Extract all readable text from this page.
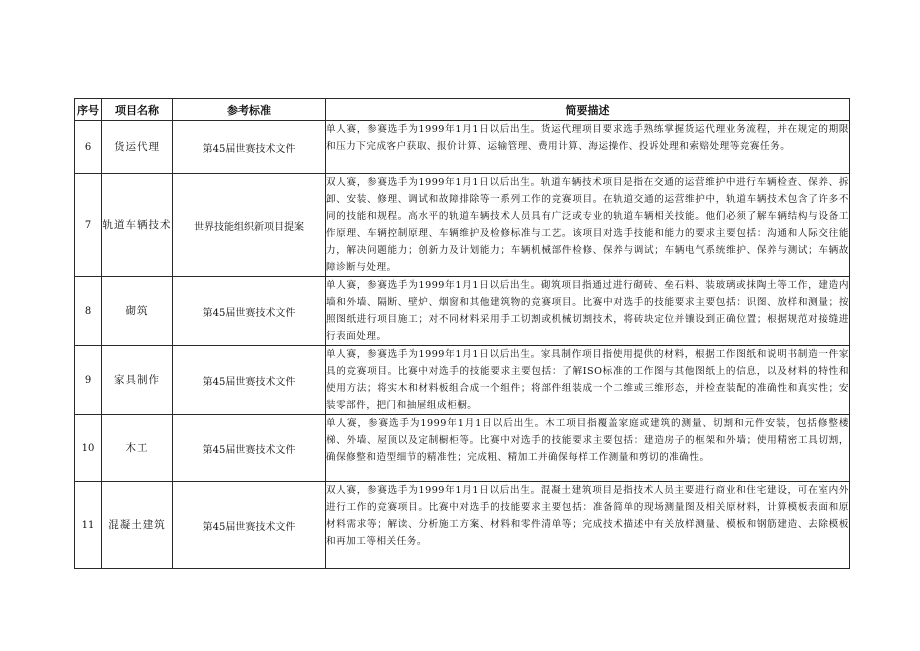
序号	项目名称	参考标准	简要描述
6	货运代理	第45届世赛技术文件	单人赛，参赛选手为1999年1月1日以后出生。货运代理项目要求选手熟练掌握货运代理业务流程，并在规定的期限和压力下完成客户获取、报价计算、运输管理、费用计算、海运操作、投诉处理和索赔处理等竞赛任务。
7	轨道车辆技术	世界技能组织新项目提案	双人赛，参赛选手为1999年1月1日以后出生。轨道车辆技术项目是指在交通的运营维护中进行车辆检查、保养、拆卸、安装、修理、调试和故障排除等一系列工作的竞赛项目。在轨道交通的运营维护中，轨道车辆技术包含了许多不同的技能和规程。高水平的轨道车辆技术人员具有广泛或专业的轨道车辆相关技能。他们必须了解车辆结构与设备工作原理、车辆控制原理、车辆维护及检修标准与工艺。该项目对选手技能和能力的要求主要包括：沟通和人际交往能力，解决问题能力；创新力及计划能力；车辆机械部件检修、保养与调试；车辆电气系统维护、保养与测试；车辆故障诊断与处理。
8	砌筑	第45届世赛技术文件	单人赛，参赛选手为1999年1月1日以后出生。砌筑项目指通过进行砌砖、垒石料、装玻璃或抹陶土等工作，建造内墙和外墙、隔断、壁炉、烟窗和其他建筑物的竞赛项目。比赛中对选手的技能要求主要包括：识图、放样和测量；按照图纸进行项目施工；对不同材料采用手工切割或机械切割技术，将砖块定位并镶设到正确位置；根据规范对接缝进行表面处理。
9	家具制作	第45届世赛技术文件	单人赛，参赛选手为1999年1月1日以后出生。家具制作项目指使用提供的材料，根据工作图纸和说明书制造一件家具的竞赛项目。比赛中对选手的技能要求主要包括：了解ISO标准的工作图与其他图纸上的信息，以及材料的特性和使用方法；将实木和材料板组合成一个组件；将部件组装成一个二维或三维形态，并检查装配的准确性和真实性；安装零部件，把门和抽屉组成柜橱。
10	木工	第45届世赛技术文件	单人赛，参赛选手为1999年1月1日以后出生。木工项目指覆盖家庭或建筑的测量、切割和元件安装，包括修整楼梯、外墙、屋顶以及定制橱柜等。比赛中对选手的技能要求主要包括：建造房子的框架和外墙；使用精密工具切割，确保修整和造型细节的精准性；完成粗、精加工并确保每样工作测量和剪切的准确性。
11	混凝土建筑	第45届世赛技术文件	双人赛，参赛选手为1999年1月1日以后出生。混凝土建筑项目是指技术人员主要进行商业和住宅建设，可在室内外进行工作的竞赛项目。比赛中对选手的技能要求主要包括：准备简单的现场测量图及相关原材料，计算模板表面和原材料需求等；解读、分析施工方案、材料和零件清单等；完成技术描述中有关放样测量、模板和钢筋建造、去除模板和再加工等相关任务。
